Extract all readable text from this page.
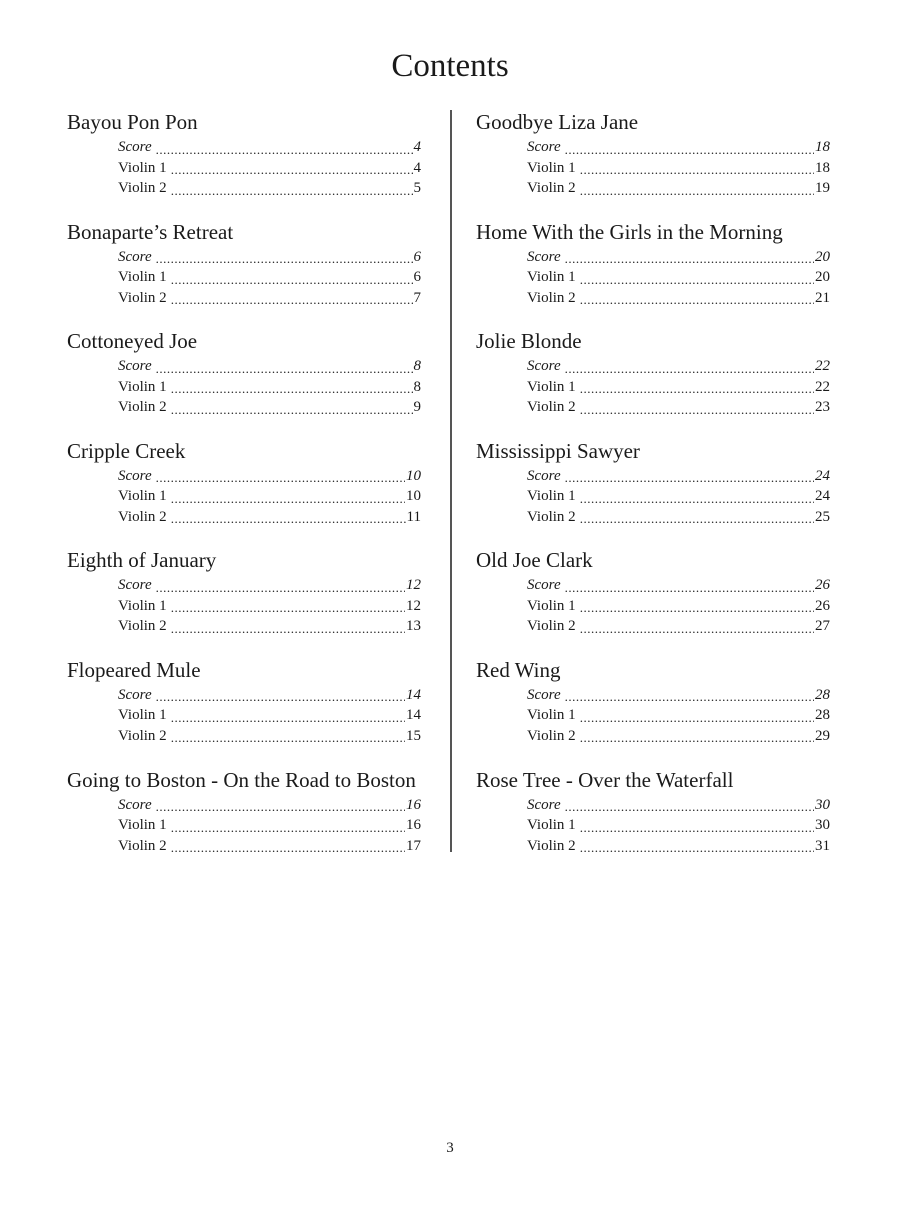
Contents
Bayou Pon Pon
Score .....	4
Violin 1 .....	4
Violin 2 .....	5
Bonaparte’s Retreat
Score .....	6
Violin 1 .....	6
Violin 2 .....	7
Cottoneyed Joe
Score .....	8
Violin 1 .....	8
Violin 2 .....	9
Cripple Creek
Score .....	10
Violin 1 .....	10
Violin 2 .....	11
Eighth of January
Score .....	12
Violin 1 .....	12
Violin 2 .....	13
Flopeared Mule
Score .....	14
Violin 1 .....	14
Violin 2 .....	15
Going to Boston - On the Road to Boston
Score .....	16
Violin 1 .....	16
Violin 2 .....	17
Goodbye Liza Jane
Score .....	18
Violin 1 .....	18
Violin 2 .....	19
Home With the Girls in the Morning
Score .....	20
Violin 1 .....	20
Violin 2 .....	21
Jolie Blonde
Score .....	22
Violin 1 .....	22
Violin 2 .....	23
Mississippi Sawyer
Score .....	24
Violin 1 .....	24
Violin 2 .....	25
Old Joe Clark
Score .....	26
Violin 1 .....	26
Violin 2 .....	27
Red Wing
Score .....	28
Violin 1 .....	28
Violin 2 .....	29
Rose Tree - Over the Waterfall
Score .....	30
Violin 1 .....	30
Violin 2 .....	31
3
